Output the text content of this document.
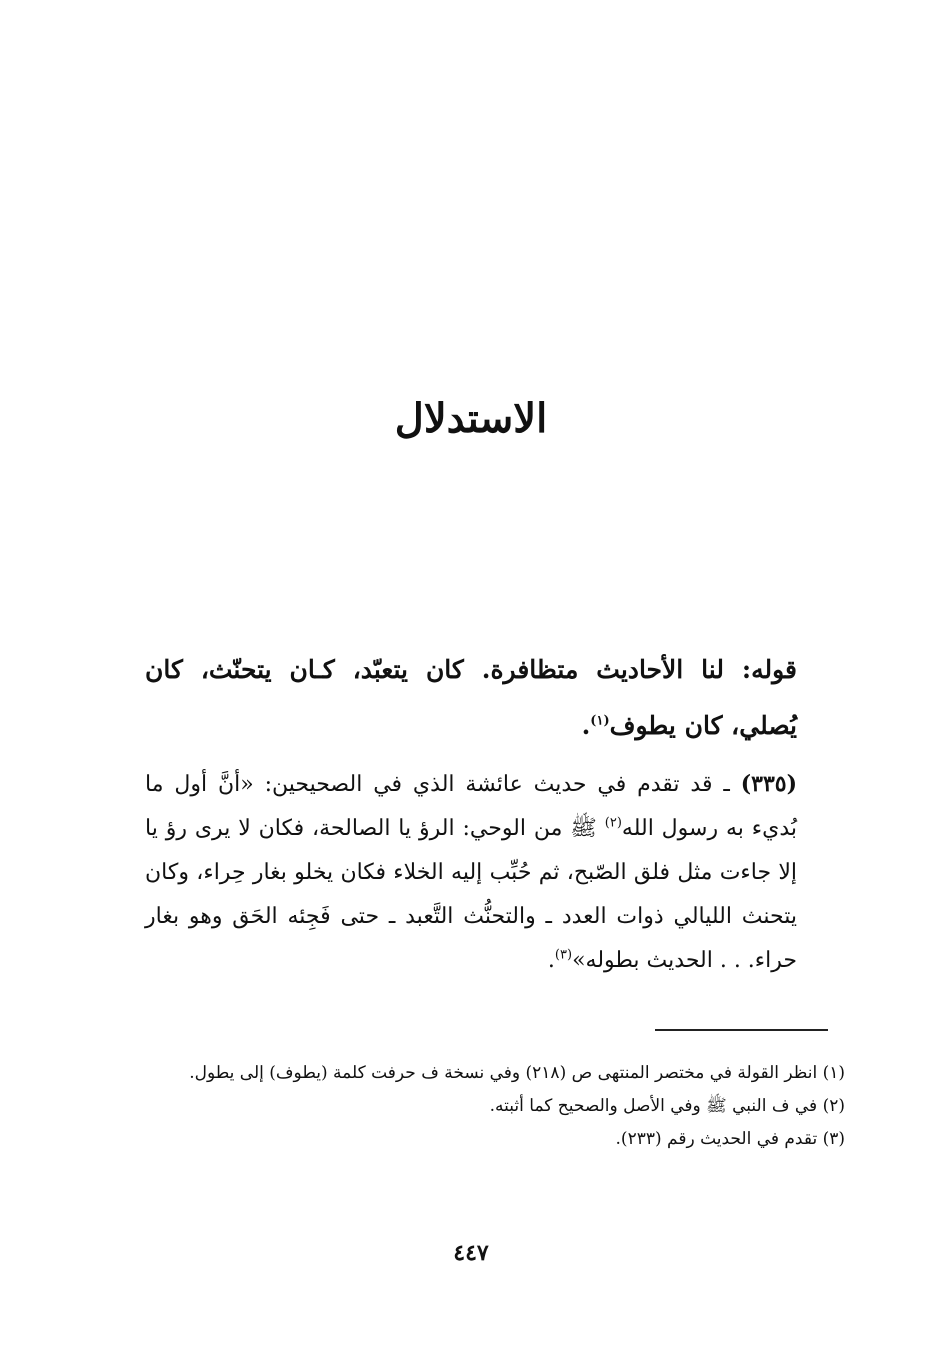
الاستدلال

قوله: لنا الأحاديث متظافرة. كان يتعبّد، كـان يتحنّث، كان يُصلي، كان يطوف$^{(١)}$.

(٣٣٥) ـ قد تقدم في حديث عائشة الذي في الصحيحين: «أنَّ أول ما بُديء به رسول الله$^{(٢)}$ ﷺ من الوحي: الرؤ يا الصالحة، فكان لا يرى رؤ يا إلا جاءت مثل فلق الصّبح، ثم حُبِّب إليه الخلاء فكان يخلو بغار حِراء، وكان يتحنث الليالي ذوات العدد ـ والتحنُّث التَّعبد ـ حتى فَجِئه الحَق وهو بغار حراء. . . الحديث بطوله»$^{(٣)}$.

(١) انظر القولة في مختصر المنتهى ص (٢١٨) وفي نسخة ف حرفت كلمة (يطوف) إلى يطول.

(٢) في ف النبي ﷺ وفي الأصل والصحيح كما أثبته.

(٣) تقدم في الحديث رقم (٢٣٣).

٤٤٧
